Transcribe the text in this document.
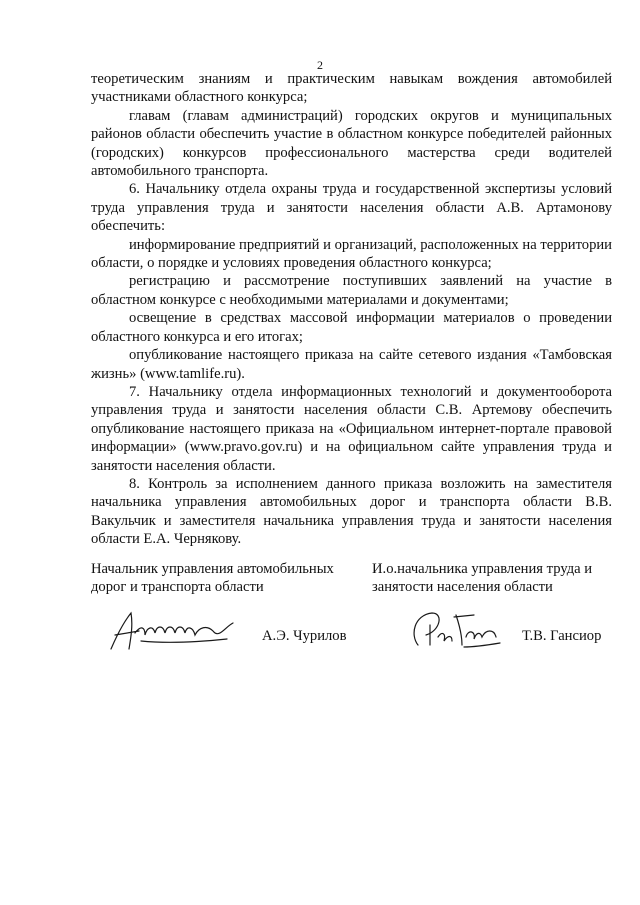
2

теоретическим знаниям и практическим навыкам вождения автомобилей участниками областного конкурса;

главам (главам администраций) городских округов и муниципальных районов области обеспечить участие в областном конкурсе победителей районных (городских) конкурсов профессионального мастерства среди водителей автомобильного транспорта.

6. Начальнику отдела охраны труда и государственной экспертизы условий труда управления труда и занятости населения области А.В. Артамонову обеспечить:

информирование предприятий и организаций, расположенных на территории области, о порядке и условиях проведения областного конкурса;

регистрацию и рассмотрение поступивших заявлений на участие в областном конкурсе с необходимыми материалами и документами;

освещение в средствах массовой информации материалов о проведении областного конкурса и его итогах;

опубликование настоящего приказа на сайте сетевого издания «Тамбовская жизнь» (www.tamlife.ru).

7. Начальнику отдела информационных технологий и документооборота управления труда и занятости населения области С.В. Артемову обеспечить опубликование настоящего приказа на «Официальном интернет-портале правовой информации» (www.pravo.gov.ru) и на официальном сайте управления труда и занятости населения области.

8. Контроль за исполнением данного приказа возложить на заместителя начальника управления автомобильных дорог и транспорта области В.В. Вакульчик и заместителя начальника управления труда и занятости населения области Е.А. Чернякову.

Начальник управления автомобильных
дорог и транспорта области
А.Э. Чурилов
И.о.начальника управления труда и
занятости населения области
Т.В. Гансиор
